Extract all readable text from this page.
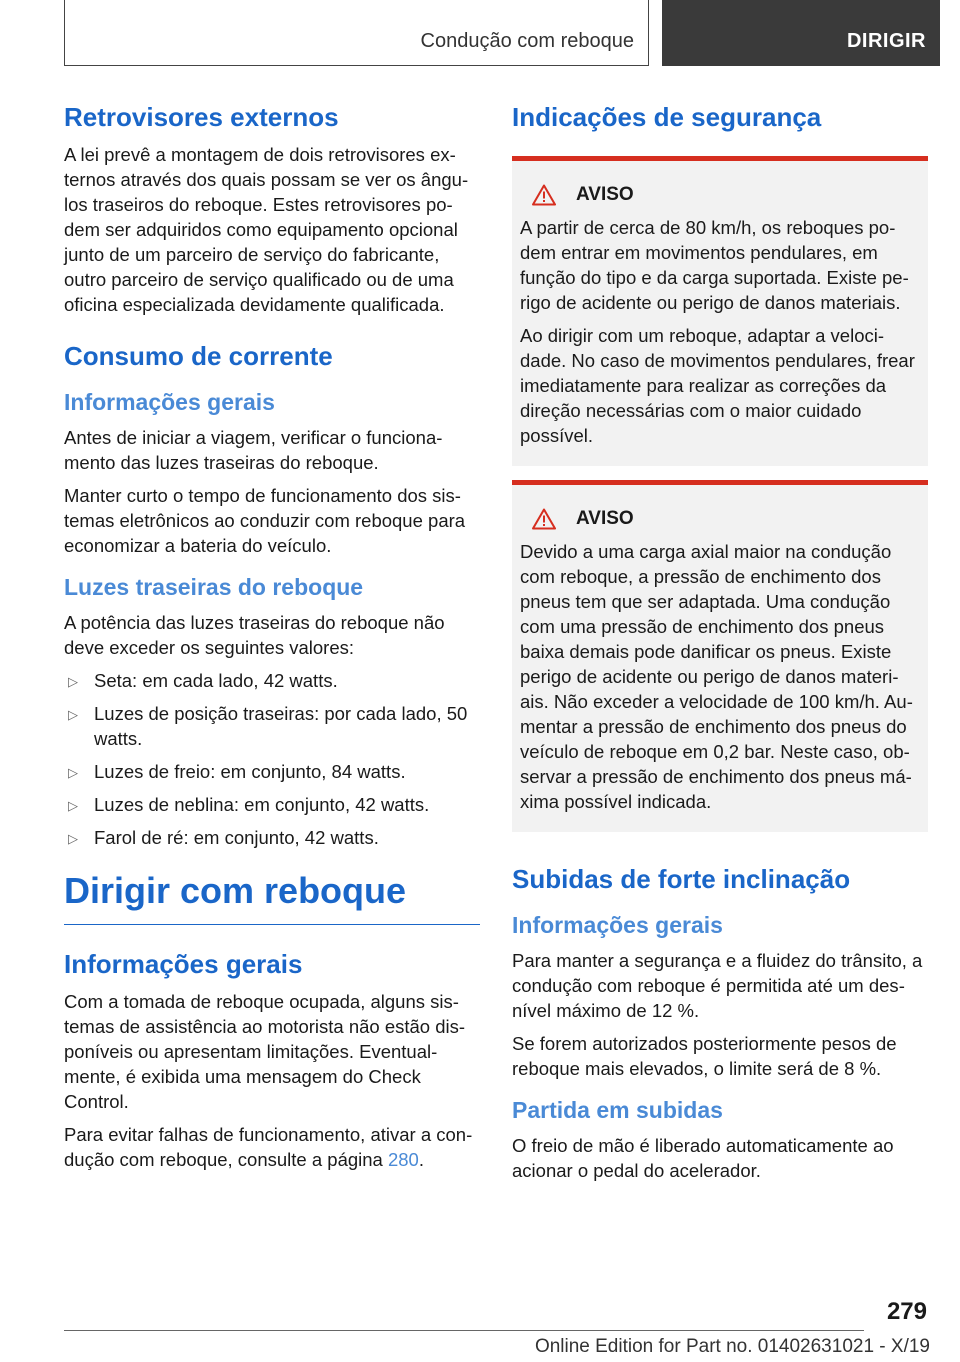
Condução com reboque	DIRIGIR
Retrovisores externos

A lei prevê a montagem de dois retrovisores externos através dos quais possam se ver os ângulos traseiros do reboque. Estes retrovisores podem ser adquiridos como equipamento opcional junto de um parceiro de serviço do fabricante, outro parceiro de serviço qualificado ou de uma oficina especializada devidamente qualificada.

Consumo de corrente
Informações gerais

Antes de iniciar a viagem, verificar o funcionamento das luzes traseiras do reboque.

Manter curto o tempo de funcionamento dos sistemas eletrônicos ao conduzir com reboque para economizar a bateria do veículo.

Luzes traseiras do reboque

A potência das luzes traseiras do reboque não deve exceder os seguintes valores:

▷ Seta: em cada lado, 42 watts.
▷ Luzes de posição traseiras: por cada lado, 50 watts.
▷ Luzes de freio: em conjunto, 84 watts.
▷ Luzes de neblina: em conjunto, 42 watts.
▷ Farol de ré: em conjunto, 42 watts.
Dirigir com reboque
Informações gerais

Com a tomada de reboque ocupada, alguns sistemas de assistência ao motorista não estão disponíveis ou apresentam limitações. Eventualmente, é exibida uma mensagem do Check Control.

Para evitar falhas de funcionamento, ativar a condução com reboque, consulte a página 280.

Indicações de segurança
AVISO

A partir de cerca de 80 km/h, os reboques podem entrar em movimentos pendulares, em função do tipo e da carga suportada. Existe perigo de acidente ou perigo de danos materiais.

Ao dirigir com um reboque, adaptar a velocidade. No caso de movimentos pendulares, frear imediatamente para realizar as correções da direção necessárias com o maior cuidado possível.

AVISO

Devido a uma carga axial maior na condução com reboque, a pressão de enchimento dos pneus tem que ser adaptada. Uma condução com uma pressão de enchimento dos pneus baixa demais pode danificar os pneus. Existe perigo de acidente ou perigo de danos materiais. Não exceder a velocidade de 100 km/h. Aumentar a pressão de enchimento dos pneus do veículo de reboque em 0,2 bar. Neste caso, observar a pressão de enchimento dos pneus máxima possível indicada.

Subidas de forte inclinação
Informações gerais

Para manter a segurança e a fluidez do trânsito, a condução com reboque é permitida até um desnível máximo de 12 %.

Se forem autorizados posteriormente pesos de reboque mais elevados, o limite será de 8 %.

Partida em subidas

O freio de mão é liberado automaticamente ao acionar o pedal do acelerador.

279
Online Edition for Part no. 01402631021 - X/19
